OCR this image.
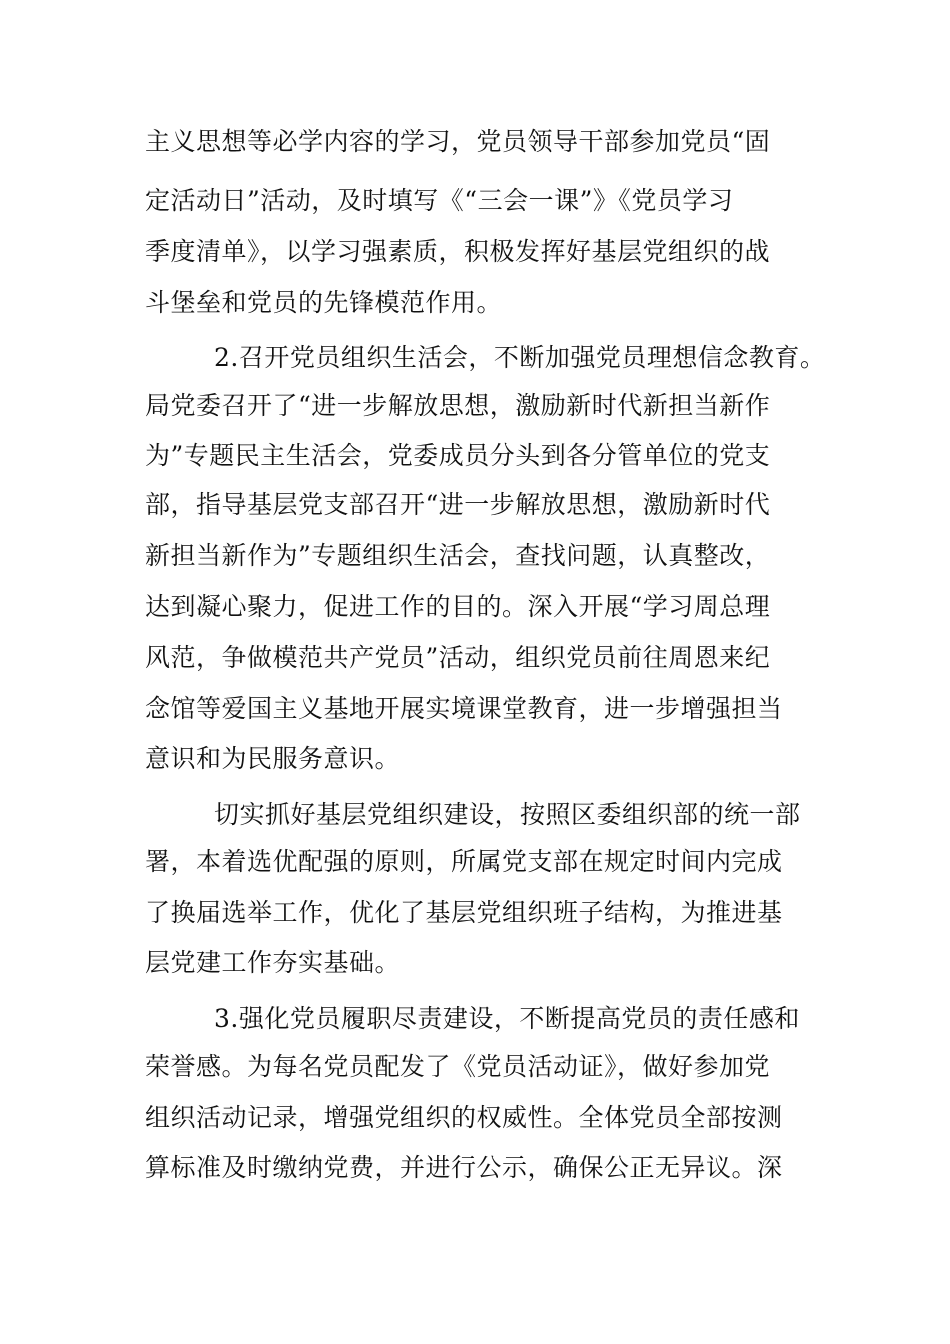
主义思想等必学内容的学习，党员领导干部参加党员“固
定活动日”活动，及时填写《“三会一课”》《党员学习
季度清单》，以学习强素质，积极发挥好基层党组织的战
斗堡垒和党员的先锋模范作用。
2.召开党员组织生活会，不断加强党员理想信念教育。
局党委召开了“进一步解放思想，激励新时代新担当新作
为”专题民主生活会，党委成员分头到各分管单位的党支
部，指导基层党支部召开“进一步解放思想，激励新时代
新担当新作为”专题组织生活会，查找问题，认真整改，
达到凝心聚力，促进工作的目的。深入开展“学习周总理
风范，争做模范共产党员”活动，组织党员前往周恩来纪
念馆等爱国主义基地开展实境课堂教育，进一步增强担当
意识和为民服务意识。
切实抓好基层党组织建设，按照区委组织部的统一部
署，本着选优配强的原则，所属党支部在规定时间内完成
了换届选举工作，优化了基层党组织班子结构，为推进基
层党建工作夯实基础。
3.强化党员履职尽责建设，不断提高党员的责任感和
荣誉感。为每名党员配发了《党员活动证》，做好参加党
组织活动记录，增强党组织的权威性。全体党员全部按测
算标准及时缴纳党费，并进行公示，确保公正无异议。深
